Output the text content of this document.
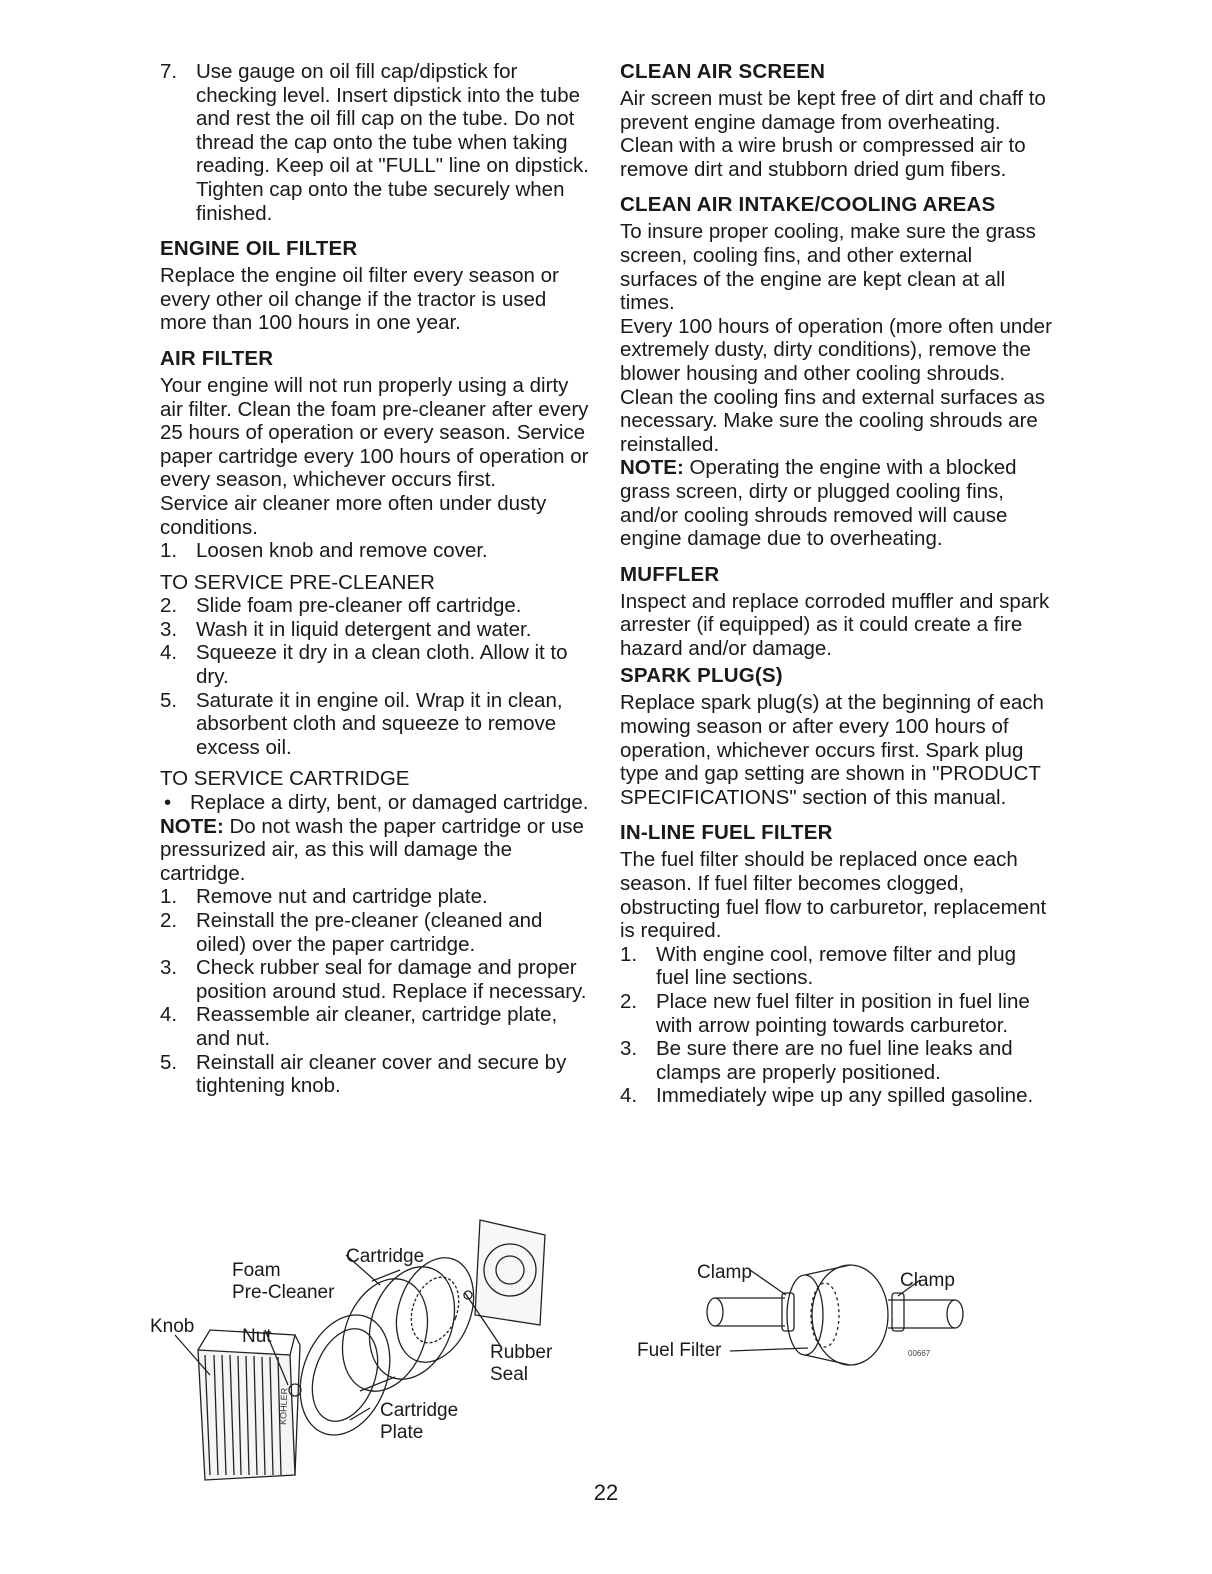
7. Use gauge on oil fill cap/dipstick for checking level. Insert dipstick into the tube and rest the oil fill cap on the tube. Do not thread the cap onto the tube when taking reading. Keep oil at "FULL" line on dipstick. Tighten cap onto the tube securely when finished.
ENGINE OIL FILTER

Replace the engine oil filter every season or every other oil change if the tractor is used more than 100 hours in one year.

AIR FILTER

Your engine will not run properly using a dirty air filter. Clean the foam pre-cleaner after every 25 hours of operation or every season. Service paper cartridge every 100 hours of operation or every season, whichever occurs first.

Service air cleaner more often under dusty conditions.

1. Loosen knob and remove cover.

TO SERVICE PRE-CLEANER

2. Slide foam pre-cleaner off cartridge.
3. Wash it in liquid detergent and water.
4. Squeeze it dry in a clean cloth. Allow it to dry.
5. Saturate it in engine oil. Wrap it in clean, absorbent cloth and squeeze to remove excess oil.

TO SERVICE CARTRIDGE

• Replace a dirty, bent, or damaged cartridge.

NOTE: Do not wash the paper cartridge or use pressurized air, as this will damage the cartridge.

1. Remove nut and cartridge plate.
2. Reinstall the pre-cleaner (cleaned and oiled) over the paper cartridge.
3. Check rubber seal for damage and proper position around stud. Replace if necessary.
4. Reassemble air cleaner, cartridge plate, and nut.
5. Reinstall air cleaner cover and secure by tightening knob.
CLEAN AIR SCREEN

Air screen must be kept free of dirt and chaff to prevent engine damage from overheating. Clean with a wire brush or compressed air to remove dirt and stubborn dried gum fibers.

CLEAN AIR INTAKE/COOLING AREAS

To insure proper cooling, make sure the grass screen, cooling fins, and other external surfaces of the engine are kept clean at all times.

Every 100 hours of operation (more often under extremely dusty, dirty conditions), remove the blower housing and other cooling shrouds. Clean the cooling fins and external surfaces as necessary. Make sure the cooling shrouds are reinstalled.

NOTE: Operating the engine with a blocked grass screen, dirty or plugged cooling fins, and/or cooling shrouds removed will cause engine damage due to overheating.

MUFFLER

Inspect and replace corroded muffler and spark arrester (if equipped) as it could create a fire hazard and/or damage.

SPARK PLUG(S)

Replace spark plug(s) at the beginning of each mowing season or after every 100 hours of operation, whichever occurs first. Spark plug type and gap setting are shown in "PRODUCT SPECIFICATIONS" section of this manual.

IN-LINE FUEL FILTER

The fuel filter should be replaced once each season. If fuel filter becomes clogged, obstructing fuel flow to carburetor, replacement is required.

1. With engine cool, remove filter and plug fuel line sections.
2. Place new fuel filter in position in fuel line with arrow pointing towards carburetor.
3. Be sure there are no fuel line leaks and clamps are properly positioned.
4. Immediately wipe up any spilled gasoline.
KOHLER
Foam
Pre-Cleaner
Cartridge
Knob	Nut
Rubber
Seal
Cartridge
Plate
00667
Clamp	Clamp
Fuel Filter
22
